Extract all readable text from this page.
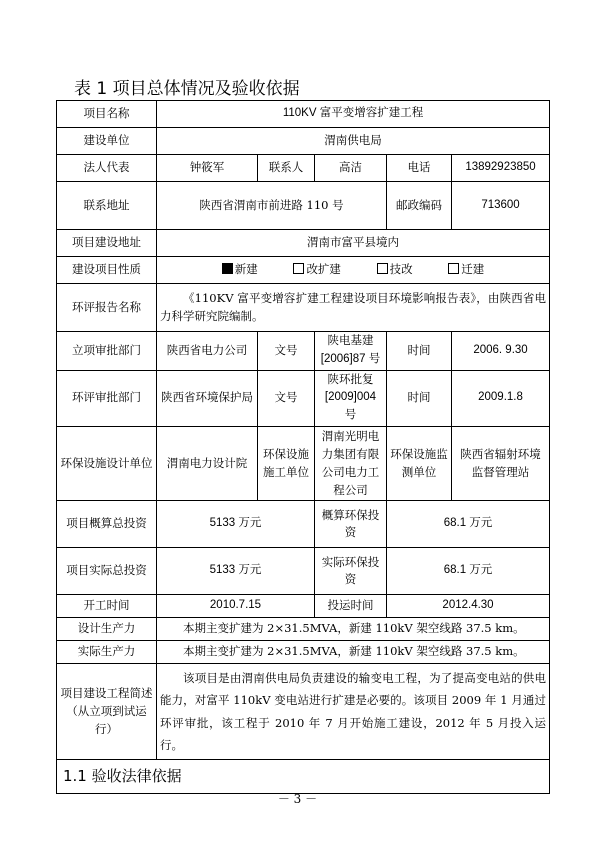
表 1 项目总体情况及验收依据
项目名称	110KV 富平变增容扩建工程				
建设单位	渭南供电局				
法人代表	钟筱军	联系人	高洁	电话	13892923850
联系地址	陕西省渭南市前进路 110 号			邮政编码	713600
项目建设地址	渭南市富平县境内				
建设项目性质	新建 改扩建 技改 迁建				
环评报告名称	《110KV 富平变增容扩建工程建设项目环境影响报告表》，由陕西省电力科学研究院编制。				
立项审批部门	陕西省电力公司	文号	陕电基建[2006]87 号	时间	2006. 9.30
环评审批部门	陕西省环境保护局	文号	陕环批复[2009]004 号	时间	2009.1.8
环保设施设计单位	渭南电力设计院	环保设施施工单位	渭南光明电力集团有限公司电力工程公司	环保设施监测单位	陕西省辐射环境监督管理站
项目概算总投资	5133 万元		概算环保投资	68.1 万元	
项目实际总投资	5133 万元		实际环保投资	68.1 万元	
开工时间	2010.7.15		投运时间	2012.4.30	
设计生产力	本期主变扩建为 2×31.5MVA，新建 110kV 架空线路 37.5 km。				
实际生产力	本期主变扩建为 2×31.5MVA，新建 110kV 架空线路 37.5 km。				
项目建设工程简述（从立项到试运行）	该项目是由渭南供电局负责建设的输变电工程，为了提高变电站的供电能力，对富平 110kV 变电站进行扩建是必要的。该项目 2009 年 1 月通过环评审批，该工程于 2010 年 7 月开始施工建设，2012 年 5 月投入运行。				
1.1 验收法律依据					
－ 3 －
